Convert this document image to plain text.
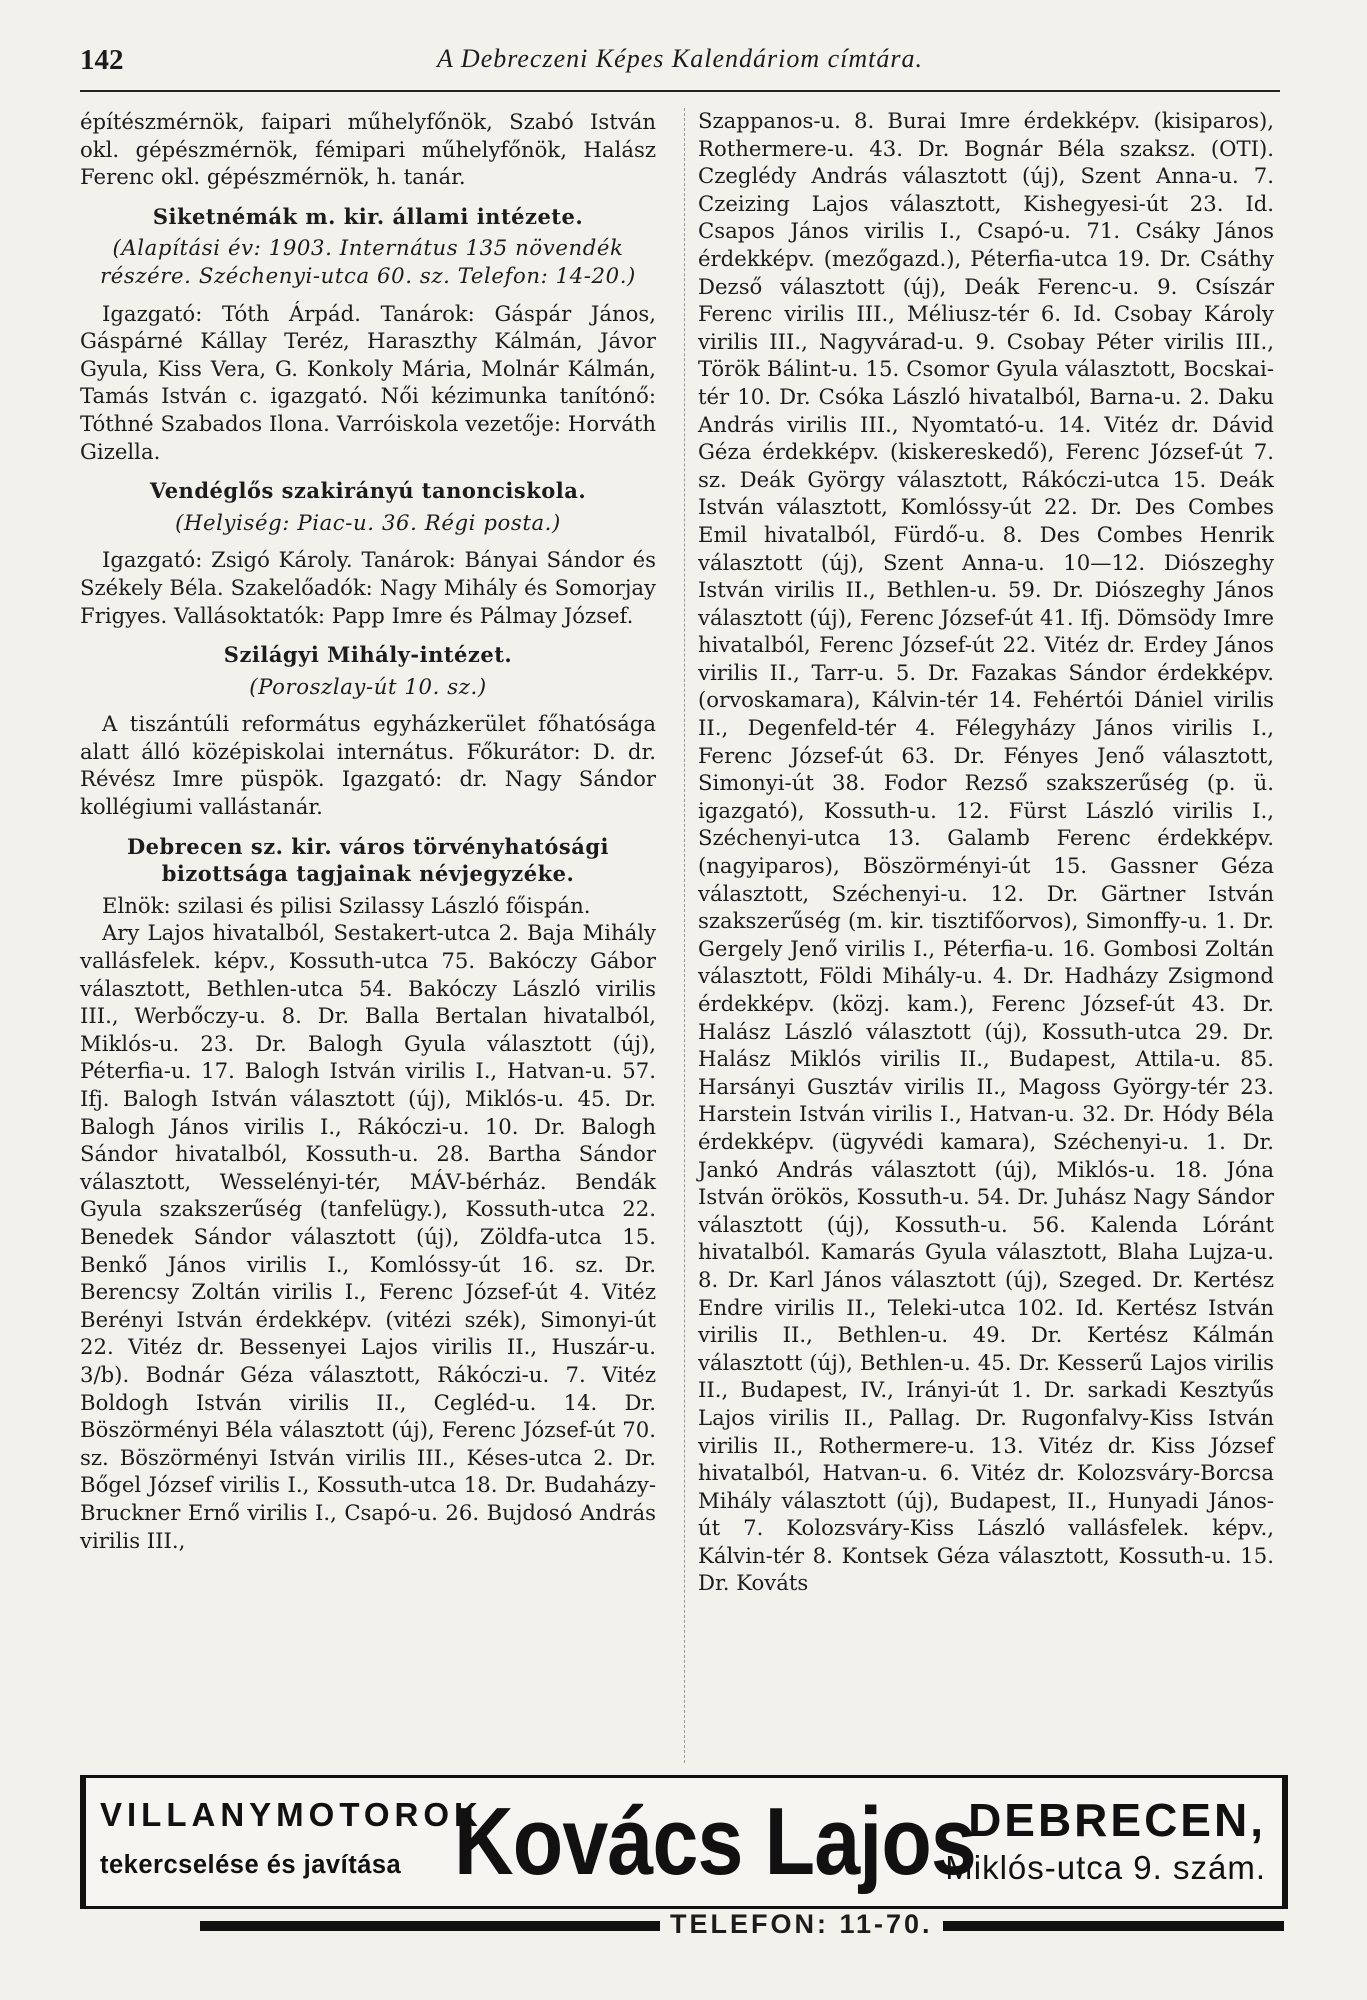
142	A Debreczeni Képes Kalendáriom címtára.

építészmérnök, faipari műhelyfőnök, Szabó István okl. gépészmérnök, fémipari műhelyfőnök, Halász Ferenc okl. gépészmérnök, h. tanár.

Siketnémák m. kir. állami intézete.

(Alapítási év: 1903. Internátus 135 növendék részére. Széchenyi-utca 60. sz. Telefon: 14-20.)

Igazgató: Tóth Árpád. Tanárok: Gáspár János, Gáspárné Kállay Teréz, Haraszthy Kálmán, Jávor Gyula, Kiss Vera, G. Konkoly Mária, Molnár Kálmán, Tamás István c. igazgató. Női kézimunka tanítónő: Tóthné Szabados Ilona. Varróiskola vezetője: Horváth Gizella.

Vendéglős szakirányú tanonciskola.

(Helyiség: Piac-u. 36. Régi posta.)

Igazgató: Zsigó Károly. Tanárok: Bányai Sándor és Székely Béla. Szakelőadók: Nagy Mihály és Somorjay Frigyes. Vallásoktatók: Papp Imre és Pálmay József.

Szilágyi Mihály-intézet.

(Poroszlay-út 10. sz.)

A tiszántúli református egyházkerület főhatósága alatt álló középiskolai internátus. Főkurátor: D. dr. Révész Imre püspök. Igazgató: dr. Nagy Sándor kollégiumi vallástanár.

Debrecen sz. kir. város törvényhatósági bizottsága tagjainak névjegyzéke.

Elnök: szilasi és pilisi Szilassy László főispán.

Ary Lajos hivatalból, Sestakert-utca 2. Baja Mihály vallásfelek. képv., Kossuth-utca 75. Bakóczy Gábor választott, Bethlen-utca 54. Bakóczy László virilis III., Werbőczy-u. 8. Dr. Balla Bertalan hivatalból, Miklós-u. 23. Dr. Balogh Gyula választott (új), Péterfia-u. 17. Balogh István virilis I., Hatvan-u. 57. Ifj. Balogh István választott (új), Miklós-u. 45. Dr. Balogh János virilis I., Rákóczi-u. 10. Dr. Balogh Sándor hivatalból, Kossuth-u. 28. Bartha Sándor választott, Wesselényi-tér, MÁV-bérház. Bendák Gyula szakszerűség (tanfelügy.), Kossuth-utca 22. Benedek Sándor választott (új), Zöldfa-utca 15. Benkő János virilis I., Komlóssy-út 16. sz. Dr. Berencsy Zoltán virilis I., Ferenc József-út 4. Vitéz Berényi István érdekképv. (vitézi szék), Simonyi-út 22. Vitéz dr. Bessenyei Lajos virilis II., Huszár-u. 3/b). Bodnár Géza választott, Rákóczi-u. 7. Vitéz Boldogh István virilis II., Cegléd-u. 14. Dr. Böszörményi Béla választott (új), Ferenc József-út 70. sz. Böszörményi István virilis III., Késes-utca 2. Dr. Bőgel József virilis I., Kossuth-utca 18. Dr. Budaházy-Bruckner Ernő virilis I., Csapó-u. 26. Bujdosó András virilis III.,

Szappanos-u. 8. Burai Imre érdekképv. (kisiparos), Rothermere-u. 43. Dr. Bognár Béla szaksz. (OTI). Czeglédy András választott (új), Szent Anna-u. 7. Czeizing Lajos választott, Kishegyesi-út 23. Id. Csapos János virilis I., Csapó-u. 71. Csáky János érdekképv. (mezőgazd.), Péterfia-utca 19. Dr. Csáthy Dezső választott (új), Deák Ferenc-u. 9. Csíszár Ferenc virilis III., Méliusz-tér 6. Id. Csobay Károly virilis III., Nagyvárad-u. 9. Csobay Péter virilis III., Török Bálint-u. 15. Csomor Gyula választott, Bocskai-tér 10. Dr. Csóka László hivatalból, Barna-u. 2. Daku András virilis III., Nyomtató-u. 14. Vitéz dr. Dávid Géza érdekképv. (kiskereskedő), Ferenc József-út 7. sz. Deák György választott, Rákóczi-utca 15. Deák István választott, Komlóssy-út 22. Dr. Des Combes Emil hivatalból, Fürdő-u. 8. Des Combes Henrik választott (új), Szent Anna-u. 10—12. Diószeghy István virilis II., Bethlen-u. 59. Dr. Diószeghy János választott (új), Ferenc József-út 41. Ifj. Dömsödy Imre hivatalból, Ferenc József-út 22. Vitéz dr. Erdey János virilis II., Tarr-u. 5. Dr. Fazakas Sándor érdekképv. (orvoskamara), Kálvin-tér 14. Fehértói Dániel virilis II., Degenfeld-tér 4. Félegyházy János virilis I., Ferenc József-út 63. Dr. Fényes Jenő választott, Simonyi-út 38. Fodor Rezső szakszerűség (p. ü. igazgató), Kossuth-u. 12. Fürst László virilis I., Széchenyi-utca 13. Galamb Ferenc érdekképv. (nagyiparos), Böszörményi-út 15. Gassner Géza választott, Széchenyi-u. 12. Dr. Gärtner István szakszerűség (m. kir. tisztifőorvos), Simonffy-u. 1. Dr. Gergely Jenő virilis I., Péterfia-u. 16. Gombosi Zoltán választott, Földi Mihály-u. 4. Dr. Hadházy Zsigmond érdekképv. (közj. kam.), Ferenc József-út 43. Dr. Halász László választott (új), Kossuth-utca 29. Dr. Halász Miklós virilis II., Budapest, Attila-u. 85. Harsányi Gusztáv virilis II., Magoss György-tér 23. Harstein István virilis I., Hatvan-u. 32. Dr. Hódy Béla érdekképv. (ügyvédi kamara), Széchenyi-u. 1. Dr. Jankó András választott (új), Miklós-u. 18. Jóna István örökös, Kossuth-u. 54. Dr. Juhász Nagy Sándor választott (új), Kossuth-u. 56. Kalenda Lóránt hivatalból. Kamarás Gyula választott, Blaha Lujza-u. 8. Dr. Karl János választott (új), Szeged. Dr. Kertész Endre virilis II., Teleki-utca 102. Id. Kertész István virilis II., Bethlen-u. 49. Dr. Kertész Kálmán választott (új), Bethlen-u. 45. Dr. Kesserű Lajos virilis II., Budapest, IV., Irányi-út 1. Dr. sarkadi Kesztyűs Lajos virilis II., Pallag. Dr. Rugonfalvy-Kiss István virilis II., Rothermere-u. 13. Vitéz dr. Kiss József hivatalból, Hatvan-u. 6. Vitéz dr. Kolozsváry-Borcsa Mihály választott (új), Budapest, II., Hunyadi János-út 7. Kolozsváry-Kiss László vallásfelek. képv., Kálvin-tér 8. Kontsek Géza választott, Kossuth-u. 15. Dr. Kováts

VILLANYMOTOROK
tekercselése és javítása Kovács Lajos
DEBRECEN,
Miklós-utca 9. szám.
TELEFON: 11-70.
